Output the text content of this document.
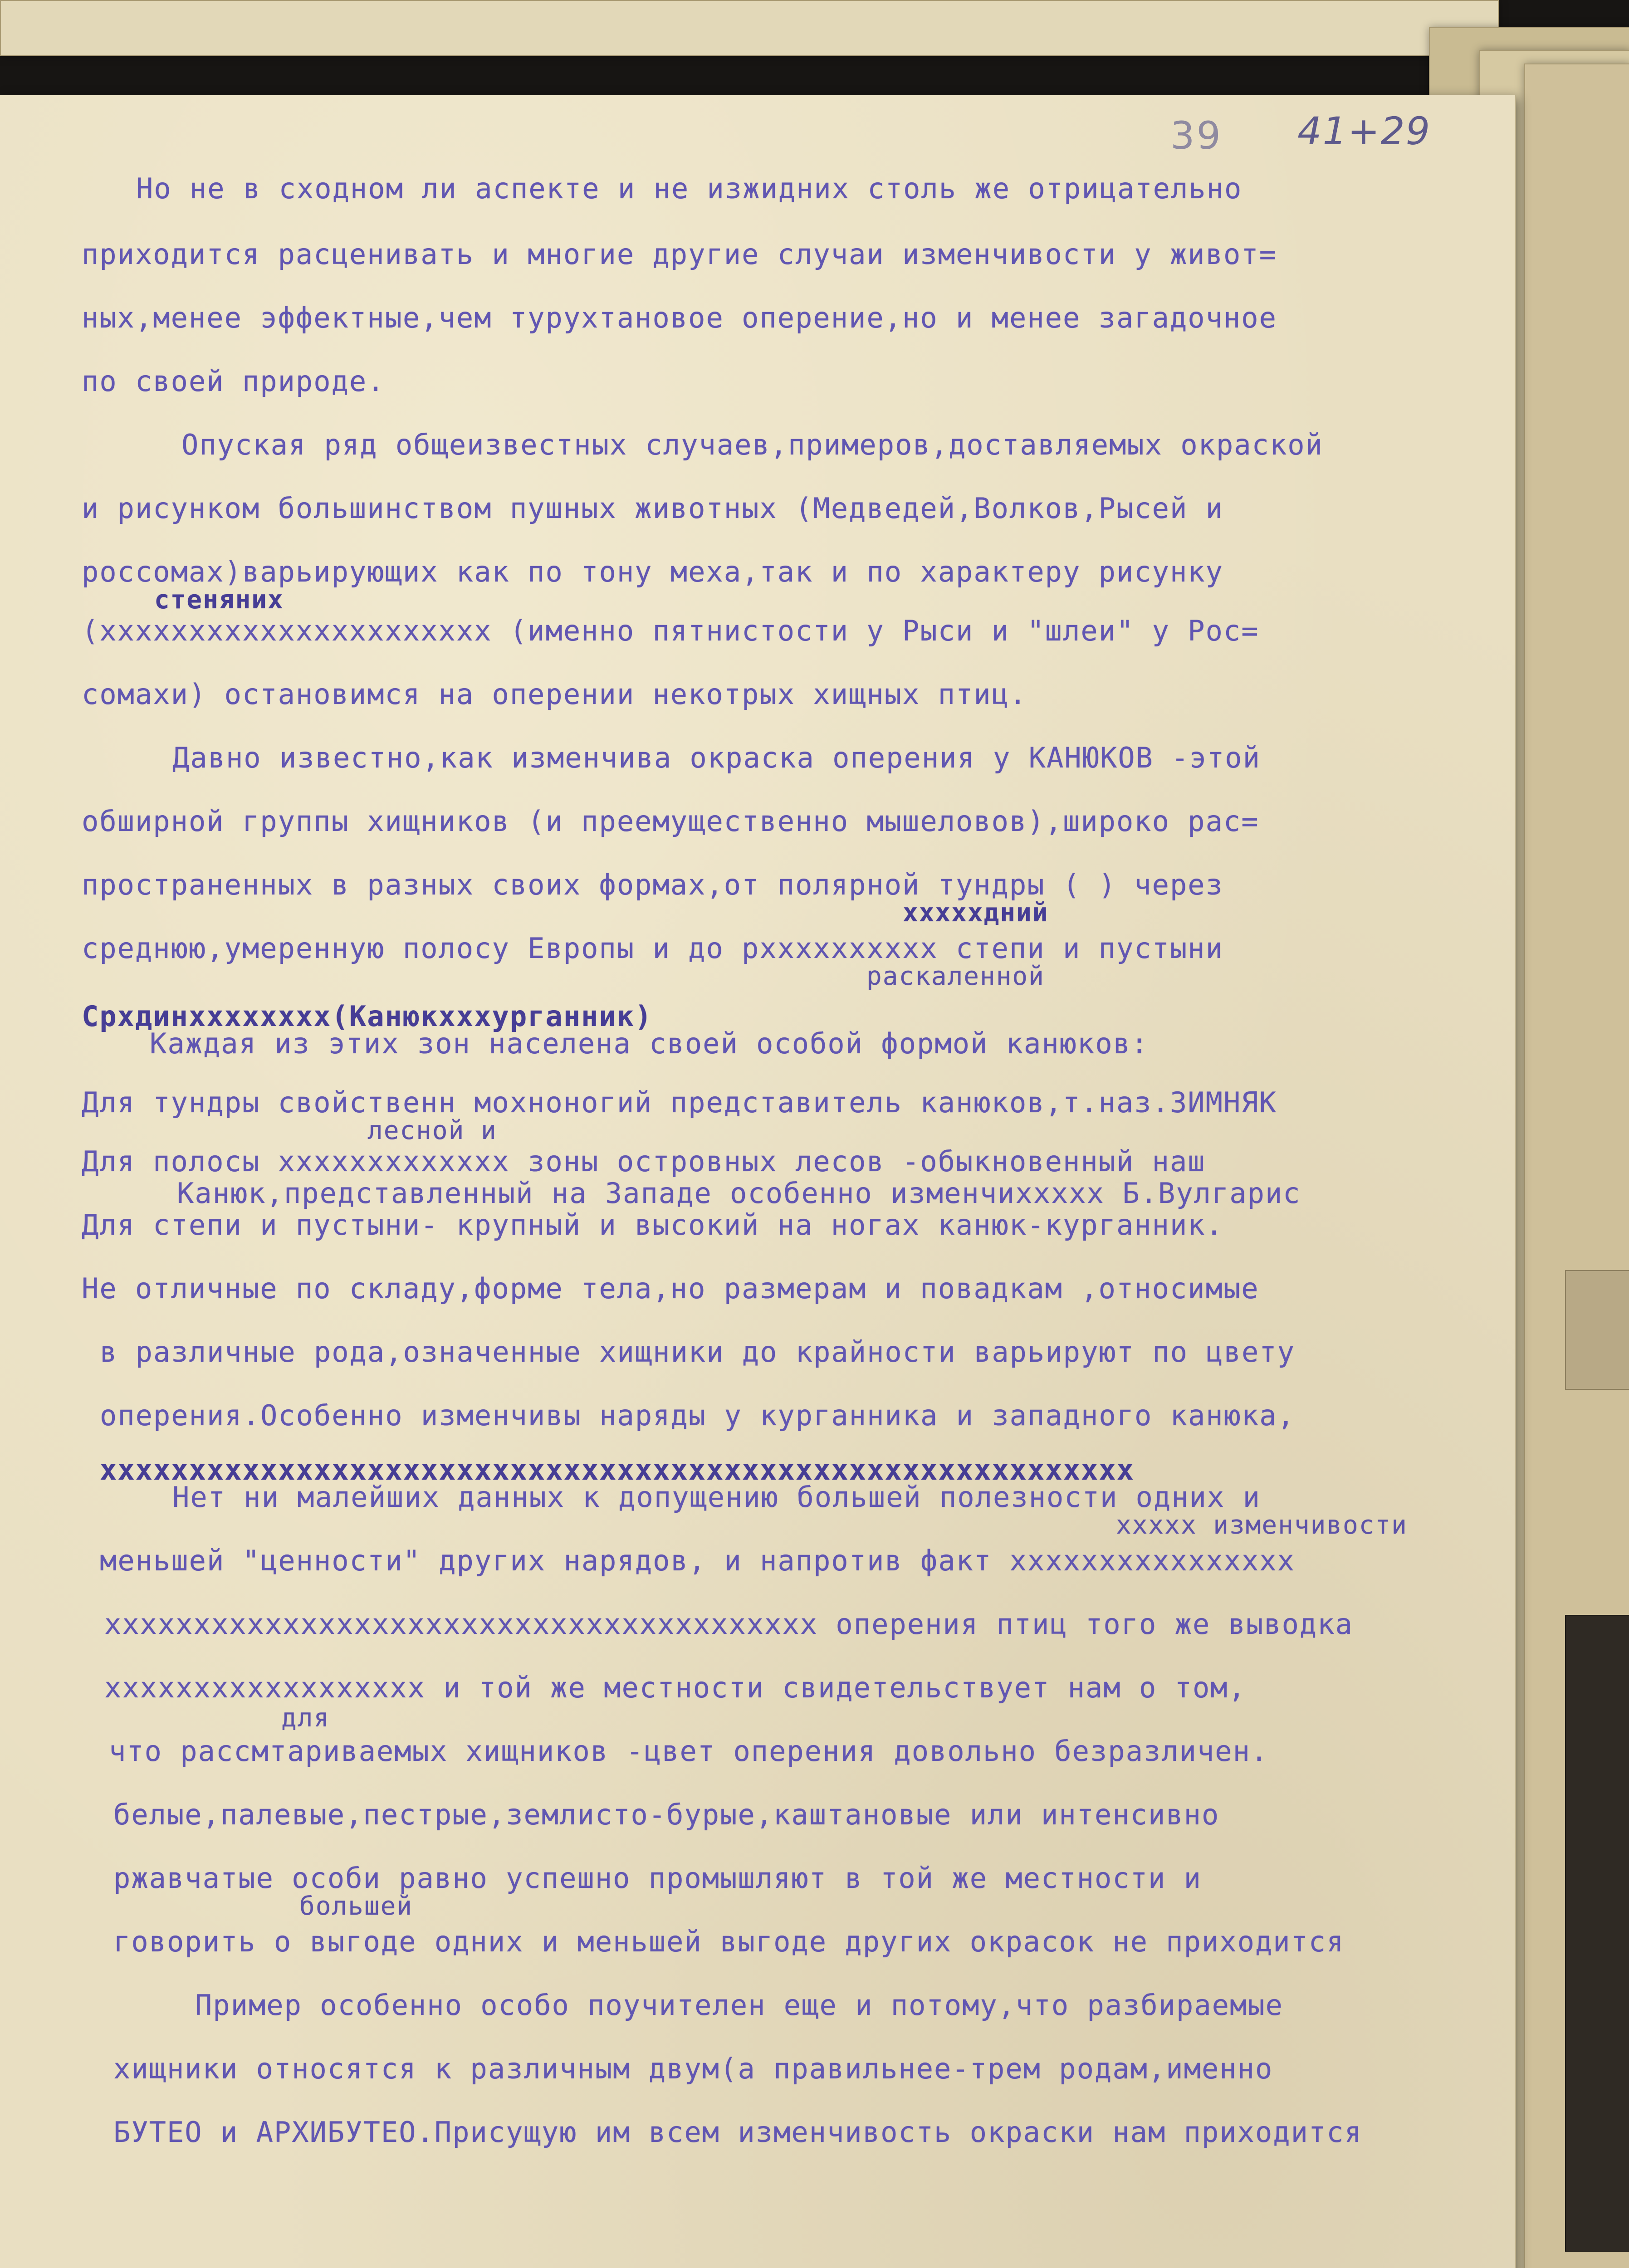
39 41+29
Но не в сходном ли аспекте и не изжидних столь же отрицательно
приходится расценивать и многие другие случаи изменчивости у живот=
ных,менее эффектные,чем турухтановое оперение,но и менее загадочное
по своей природе.
Опуская ряд общеизвестных случаев,примеров,доставляемых окраской
и рисунком большинством пушных животных (Медведей,Волков,Рысей и
россомах)варьирующих как по тону меха,так и по характеру рисунку
стеняних
(хххххххххххххххххххххх (именно пятнистости у Рыси и "шлеи" у Рос=
сомахи) остановимся на оперении некотрых хищных птиц.
Давно известно,как изменчива окраска оперения у КАНЮКОВ -этой
обширной группы хищников (и преемущественно мышеловов),широко рас=
пространенных в разных своих формах,от полярной тундры ( ) через
хххххдний
среднюю,умеренную полосу Европы и до рхххххххххх степи и пустыни
раскаленной
Срхдинхххххххх(Канюкхххурганник)
Каждая из этих зон населена своей особой формой канюков:
Для тундры свойственн мохноногий представитель канюков,т.наз.ЗИМНЯК
лесной и
Для полосы ххххххххххххх зоны островных лесов -обыкновенный наш
Канюк,представленный на Западе особенно изменчиххххх Б.Вулгарис
Для степи и пустыни- крупный и высокий на ногах канюк-курганник.
Не отличные по складу,форме тела,но размерам и повадкам ,относимые
в различные рода,означенные хищники до крайности варьируют по цвету
оперения.Особенно изменчивы наряды у курганника и западного канюка,
хххххххххххххххххххххххххххххххххххххххххххххххххххххххххх
Нет ни малейших данных к допущению большей полезности одних и
ххххх изменчивости
меньшей "ценности" других нарядов, и напротив факт хххххххххххххххх
хххххххххххххххххххххххххххххххххххххххх оперения птиц того же выводка
хххххххххххххххххх и той же местности свидетельствует нам о том,
для
что рассмтариваемых хищников -цвет оперения довольно безразличен.
белые,палевые,пестрые,землисто-бурые,каштановые или интенсивно
ржавчатые особи равно успешно промышляют в той же местности и
большей
говорить о выгоде одних и меньшей выгоде других окрасок не приходится
Пример особенно особо поучителен еще и потому,что разбираемые
хищники относятся к различным двум(а правильнее-трем родам,именно
БУТЕО и АРХИБУТЕО.Присущую им всем изменчивость окраски нам приходится
